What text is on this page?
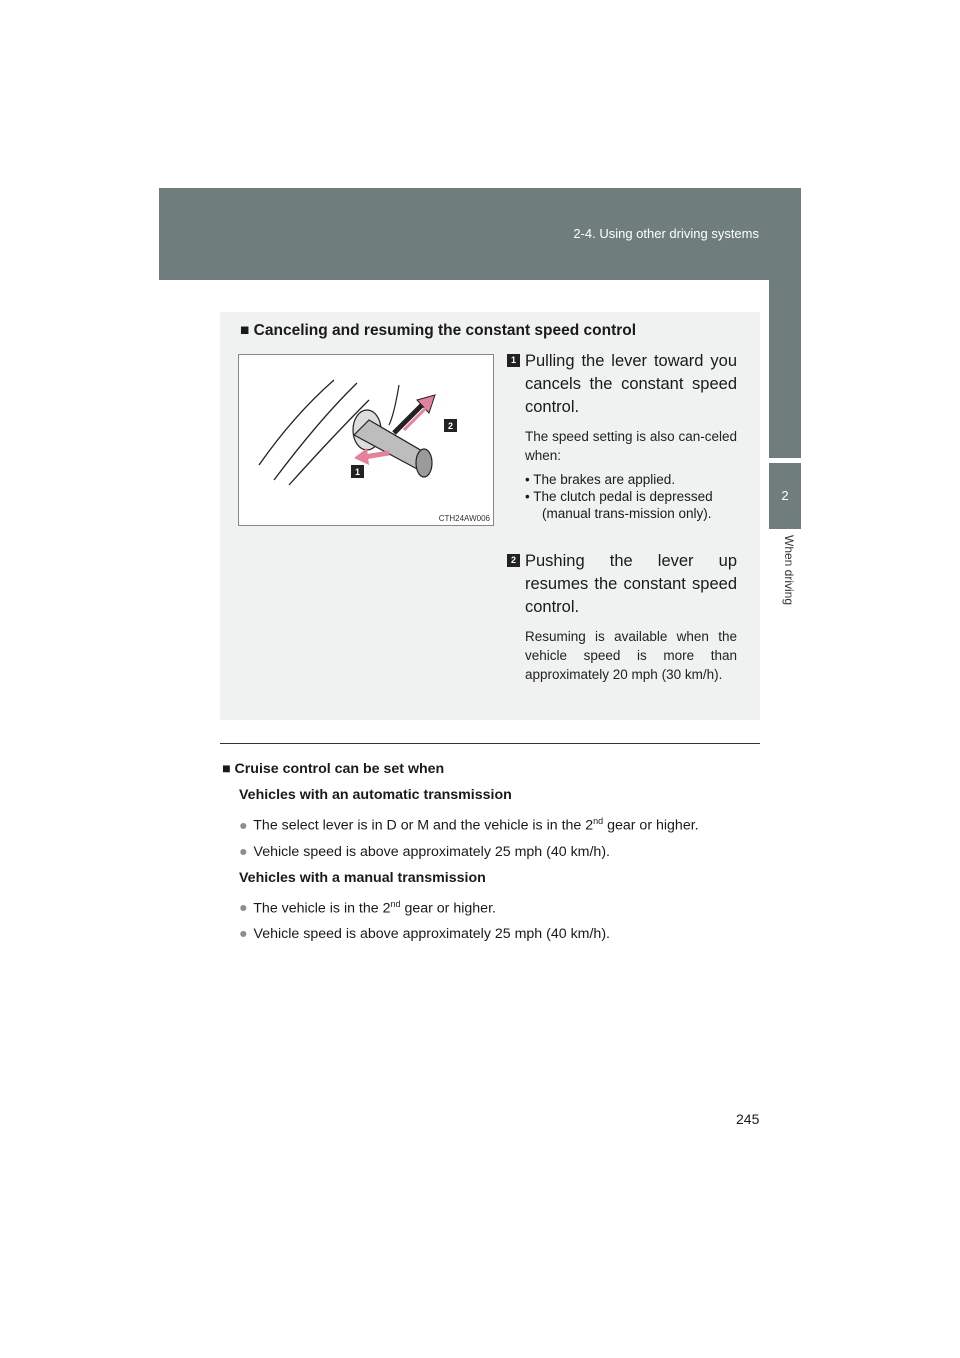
2-4. Using other driving systems
2
When driving
■ Canceling and resuming the constant speed control
2
1
CTH24AW006
1 Pulling the lever toward you cancels the constant speed control.
The speed setting is also can-celed when:
• The brakes are applied.
• The clutch pedal is depressed (manual trans-mission only).
2 Pushing the lever up resumes the constant speed control.
Resuming is available when the vehicle speed is more than approximately 20 mph (30 km/h).
■ Cruise control can be set when
Vehicles with an automatic transmission
● The select lever is in D or M and the vehicle is in the 2nd gear or higher.
● Vehicle speed is above approximately 25 mph (40 km/h).
Vehicles with a manual transmission
● The vehicle is in the 2nd gear or higher.
● Vehicle speed is above approximately 25 mph (40 km/h).
245
